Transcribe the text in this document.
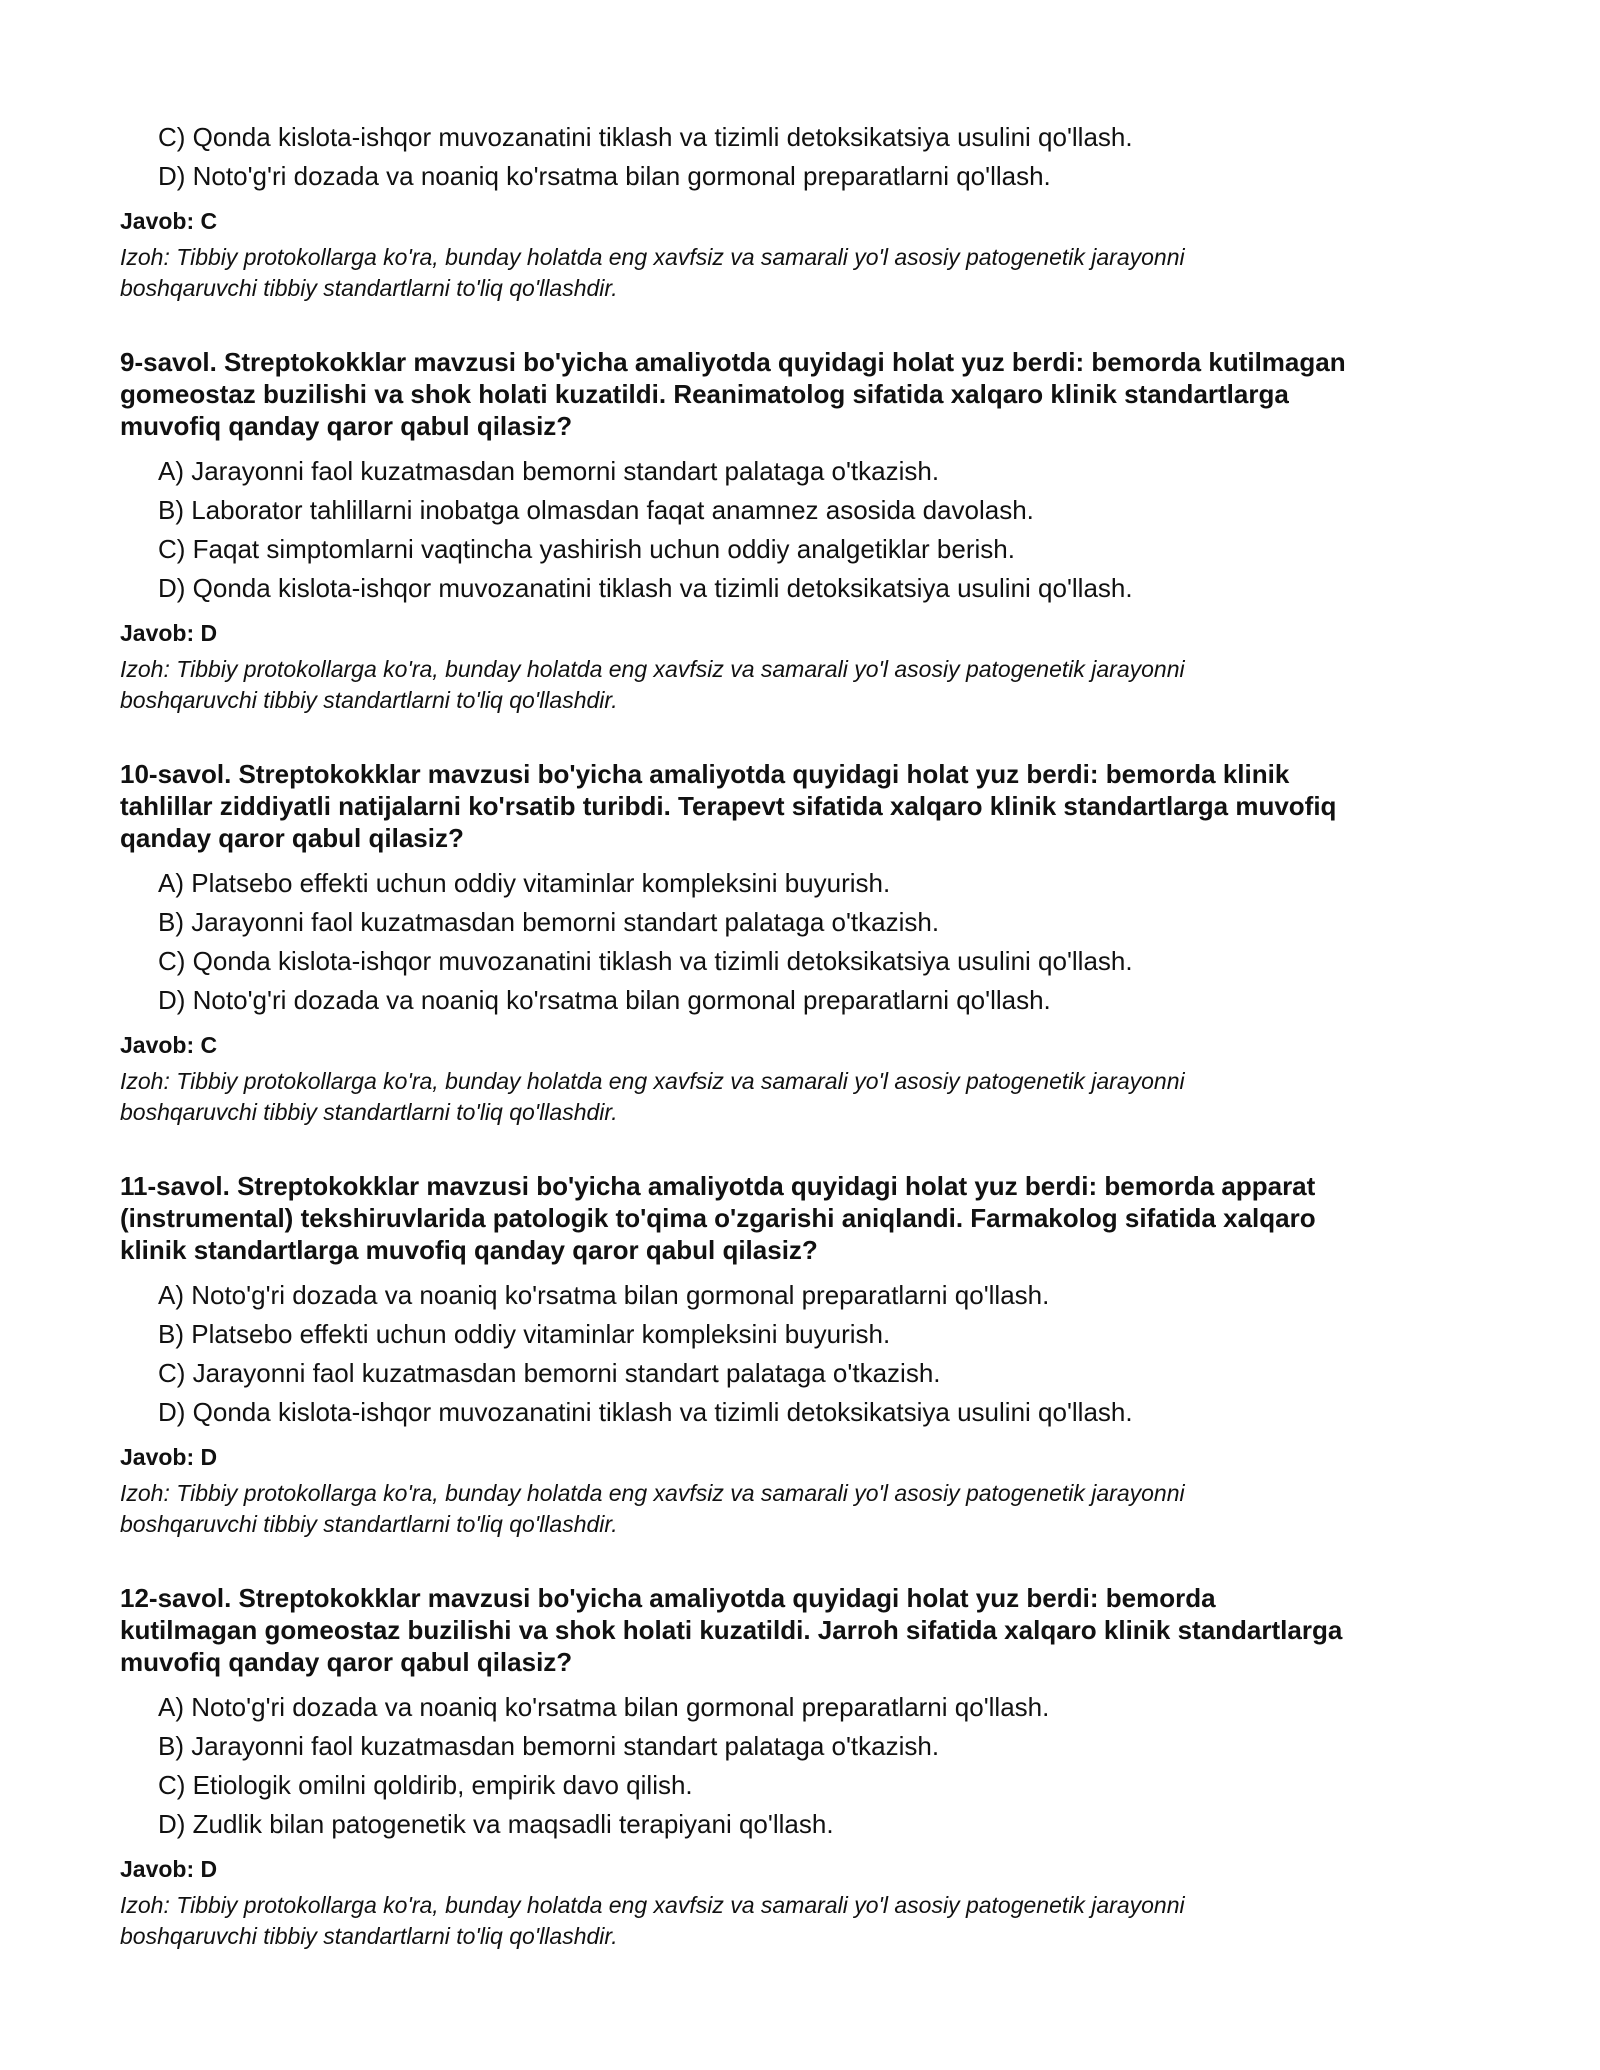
C) Qonda kislota-ishqor muvozanatini tiklash va tizimli detoksikatsiya usulini qo'llash.
D) Noto'g'ri dozada va noaniq ko'rsatma bilan gormonal preparatlarni qo'llash.
Javob: C
Izoh: Tibbiy protokollarga ko'ra, bunday holatda eng xavfsiz va samarali yo'l asosiy patogenetik jarayonni
boshqaruvchi tibbiy standartlarni to'liq qo'llashdir.
9-savol. Streptokokklar mavzusi bo'yicha amaliyotda quyidagi holat yuz berdi: bemorda kutilmagan
gomeostaz buzilishi va shok holati kuzatildi. Reanimatolog sifatida xalqaro klinik standartlarga
muvofiq qanday qaror qabul qilasiz?
A) Jarayonni faol kuzatmasdan bemorni standart palataga o'tkazish.
B) Laborator tahlillarni inobatga olmasdan faqat anamnez asosida davolash.
C) Faqat simptomlarni vaqtincha yashirish uchun oddiy analgetiklar berish.
D) Qonda kislota-ishqor muvozanatini tiklash va tizimli detoksikatsiya usulini qo'llash.
Javob: D
Izoh: Tibbiy protokollarga ko'ra, bunday holatda eng xavfsiz va samarali yo'l asosiy patogenetik jarayonni
boshqaruvchi tibbiy standartlarni to'liq qo'llashdir.
10-savol. Streptokokklar mavzusi bo'yicha amaliyotda quyidagi holat yuz berdi: bemorda klinik
tahlillar ziddiyatli natijalarni ko'rsatib turibdi. Terapevt sifatida xalqaro klinik standartlarga muvofiq
qanday qaror qabul qilasiz?
A) Platsebo effekti uchun oddiy vitaminlar kompleksini buyurish.
B) Jarayonni faol kuzatmasdan bemorni standart palataga o'tkazish.
C) Qonda kislota-ishqor muvozanatini tiklash va tizimli detoksikatsiya usulini qo'llash.
D) Noto'g'ri dozada va noaniq ko'rsatma bilan gormonal preparatlarni qo'llash.
Javob: C
Izoh: Tibbiy protokollarga ko'ra, bunday holatda eng xavfsiz va samarali yo'l asosiy patogenetik jarayonni
boshqaruvchi tibbiy standartlarni to'liq qo'llashdir.
11-savol. Streptokokklar mavzusi bo'yicha amaliyotda quyidagi holat yuz berdi: bemorda apparat
(instrumental) tekshiruvlarida patologik to'qima o'zgarishi aniqlandi. Farmakolog sifatida xalqaro
klinik standartlarga muvofiq qanday qaror qabul qilasiz?
A) Noto'g'ri dozada va noaniq ko'rsatma bilan gormonal preparatlarni qo'llash.
B) Platsebo effekti uchun oddiy vitaminlar kompleksini buyurish.
C) Jarayonni faol kuzatmasdan bemorni standart palataga o'tkazish.
D) Qonda kislota-ishqor muvozanatini tiklash va tizimli detoksikatsiya usulini qo'llash.
Javob: D
Izoh: Tibbiy protokollarga ko'ra, bunday holatda eng xavfsiz va samarali yo'l asosiy patogenetik jarayonni
boshqaruvchi tibbiy standartlarni to'liq qo'llashdir.
12-savol. Streptokokklar mavzusi bo'yicha amaliyotda quyidagi holat yuz berdi: bemorda
kutilmagan gomeostaz buzilishi va shok holati kuzatildi. Jarroh sifatida xalqaro klinik standartlarga
muvofiq qanday qaror qabul qilasiz?
A) Noto'g'ri dozada va noaniq ko'rsatma bilan gormonal preparatlarni qo'llash.
B) Jarayonni faol kuzatmasdan bemorni standart palataga o'tkazish.
C) Etiologik omilni qoldirib, empirik davo qilish.
D) Zudlik bilan patogenetik va maqsadli terapiyani qo'llash.
Javob: D
Izoh: Tibbiy protokollarga ko'ra, bunday holatda eng xavfsiz va samarali yo'l asosiy patogenetik jarayonni
boshqaruvchi tibbiy standartlarni to'liq qo'llashdir.
